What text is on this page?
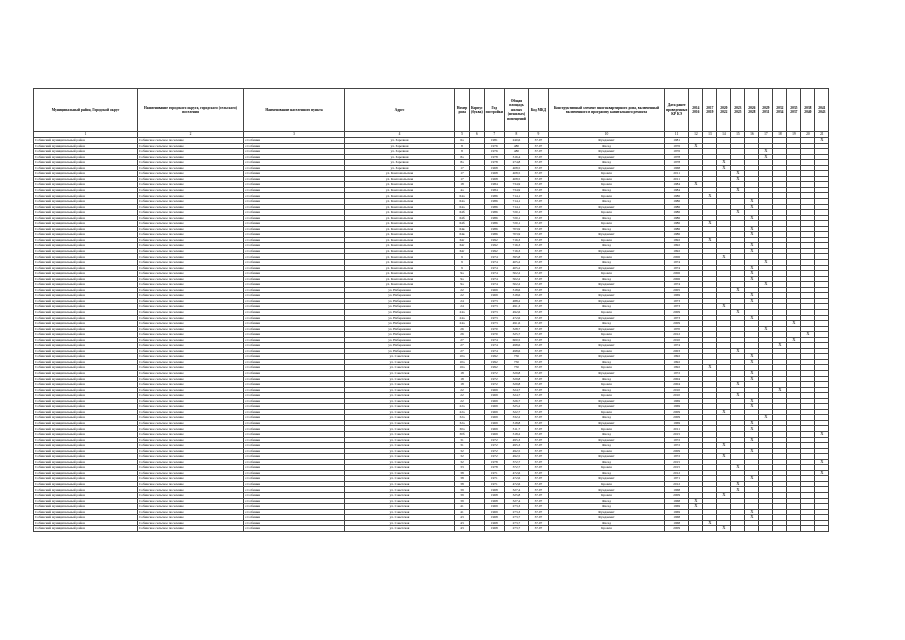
Муниципальный район, Городской округ	Наименование городского округа, городского (сельского) поселения	Наименование населенного пункта	Адрес	Номер дома	Корпус (буква)	Год постройки	Общая площадь жилых (нежилых) помещений	Код МКД	Конструктивный элемент многоквартирного дома, включенный включенного в программу капитального ремонта	Дата ранее проведенных КР КЭ	2014 2016	2017 2019	2020 2022	2023 2025	2026 2028	2029 2031	2032 2034	2035 2037	2038 2040	2041 2043
1	2	3	4	5	6	7	8	9	10	11	12	13	14	15	16	17	18	19	20	21
Собинский муниципальный район	Собинское сельское поселение	с.Собинки	ул. Заречная	6а		1981	240,6	37.07	Фундамент	1981										X
Собинский муниципальный район	Собинское сельское поселение	с.Собинки	ул. Заречная	8		1976	480	37.07	Фасад	1976	X									
Собинский муниципальный район	Собинское сельское поселение	с.Собинки	ул. Заречная	8		1976	480	37.07	Фундамент	1976						X				
Собинский муниципальный район	Собинское сельское поселение	с.Собинки	ул. Заречная	8а		1978	316,4	37.07	Фундамент	1978						X				
Собинский муниципальный район	Собинское сельское поселение	с.Собинки	ул. Заречная	8а		1978	274,8	37.07	Фасад	1978			X							
Собинский муниципальный район	Собинское сельское поселение	с.Собинки	ул. Заречная	17		1968	408,5	37.07	Фундамент	1968			X							
Собинский муниципальный район	Собинское сельское поселение	с.Собинки	ул. Комсомольская	17		1968	408,5	37.07	Кровля	2011				X						
Собинский муниципальный район	Собинское сельское поселение	с.Собинки	ул. Комсомольская	17		1968	408,5	37.07	Кровля	2011				X						
Собинский муниципальный район	Собинское сельское поселение	с.Собинки	ул. Комсомольская	18		1984	734,9	37.07	Кровля	1984	X									
Собинский муниципальный район	Собинское сельское поселение	с.Собинки	ул. Комсомольская	4а		1984	734,9	37.07	Фасад	1984				X						
Собинский муниципальный район	Собинское сельское поселение	с.Собинки	ул. Комсомольская	64а		1986	714,1	37.07	Кровля	1986		X								
Собинский муниципальный район	Собинское сельское поселение	с.Собинки	ул. Комсомольская	64а		1986	714,1	37.07	Фасад	1986					X					
Собинский муниципальный район	Собинское сельское поселение	с.Собинки	ул. Комсомольская	64а		1986	714,1	37.07	Фундамент	1986					X					
Собинский муниципальный район	Собинское сельское поселение	с.Собинки	ул. Комсомольская	64б		1986	720,1	37.07	Кровля	1986				X						
Собинский муниципальный район	Собинское сельское поселение	с.Собинки	ул. Комсомольская	64б		1986	720,1	37.07	Фасад	1986					X					
Собинский муниципальный район	Собинское сельское поселение	с.Собинки	ул. Комсомольская	64б		1986	720,1	37.07	Кровля	1986		X								
Собинский муниципальный район	Собинское сельское поселение	с.Собинки	ул. Комсомольская	64в		1986	703,9	37.07	Фасад	1986					X					
Собинский муниципальный район	Собинское сельское поселение	с.Собинки	ул. Комсомольская	64в		1986	703,9	37.07	Фундамент	1986					X					
Собинский муниципальный район	Собинское сельское поселение	с.Собинки	ул. Комсомольская	64г		1992	716,3	37.07	Кровля	1992		X								
Собинский муниципальный район	Собинское сельское поселение	с.Собинки	ул. Комсомольская	64г		1992	716,3	37.07	Фасад	1992					X					
Собинский муниципальный район	Собинское сельское поселение	с.Собинки	ул. Комсомольская	64г		1992	716,3	37.07	Фундамент	1992					X					
Собинский муниципальный район	Собинское сельское поселение	с.Собинки	ул. Комсомольская	9		1974	395,8	37.07	Кровля	2006			X							
Собинский муниципальный район	Собинское сельское поселение	с.Собинки	ул. Комсомольская	9		1974	405,2	37.07	Фасад	1974						X				
Собинский муниципальный район	Собинское сельское поселение	с.Собинки	ул. Комсомольская	9		1974	405,2	37.07	Фундамент	1974					X					
Собинский муниципальный район	Собинское сельское поселение	с.Собинки	ул. Комсомольская	9а		1974	502,2	37.07	Кровля	2006					X					
Собинский муниципальный район	Собинское сельское поселение	с.Собинки	ул. Комсомольская	9а		1974	502,2	37.07	Фасад	2006					X					
Собинский муниципальный район	Собинское сельское поселение	с.Собинки	ул. Комсомольская	9а		1974	502,2	37.07	Фундамент	1974						X				
Собинский муниципальный район	Собинское сельское поселение	с.Собинки	ул. Набережная	22		1969	318,6	37.07	Фасад	2005				X						
Собинский муниципальный район	Собинское сельское поселение	с.Собинки	ул. Набережная	22		1969	318,6	37.07	Фундамент	1969					X					
Собинский муниципальный район	Собинское сельское поселение	с.Собинки	ул. Набережная	24		1973	488,2	37.07	Фундамент	1973					X					
Собинский муниципальный район	Собинское сельское поселение	с.Собинки	ул. Набережная	24		1973	491,3	37.07	Фасад	1973			X							
Собинский муниципальный район	Собинское сельское поселение	с.Собинки	ул. Набережная	24а		1973	492,6	37.07	Кровля	2009				X						
Собинский муниципальный район	Собинское сельское поселение	с.Собинки	ул. Набережная	24а		1973	472,6	37.07	Фундамент	1973					X					
Собинский муниципальный район	Собинское сельское поселение	с.Собинки	ул. Набережная	24а		1973	491,6	37.07	Фасад	2009								X		
Собинский муниципальный район	Собинское сельское поселение	с.Собинки	ул. Набережная	26		1970	328,7	37.07	Фундамент	1970						X				
Собинский муниципальный район	Собинское сельское поселение	с.Собинки	ул. Набережная	26		1970	325,7	37.07	Кровля	2012									X	
Собинский муниципальный район	Собинское сельское поселение	с.Собинки	ул. Набережная	27		1974	600,5	37.07	Фасад	2010								X		
Собинский муниципальный район	Собинское сельское поселение	с.Собинки	ул. Набережная	27		1974	498,6	37.07	Фундамент	1974							X			
Собинский муниципальный район	Собинское сельское поселение	с.Собинки	ул. Набережная	27		1974	498,6	37.07	Кровля	2003				X						
Собинский муниципальный район	Собинское сельское поселение	с.Собинки	ул. Советская	10а		1992	750	37.07	Фундамент	1992					X					
Собинский муниципальный район	Собинское сельское поселение	с.Собинки	ул. Советская	10а		1992	750	37.07	Фасад	1992					X					
Собинский муниципальный район	Собинское сельское поселение	с.Собинки	ул. Советская	16а		1992	750	37.07	Кровля	1992		X								
Собинский муниципальный район	Собинское сельское поселение	с.Собинки	ул. Советская	18		1972	329,8	37.07	Фундамент	1972					X					
Собинский муниципальный район	Собинское сельское поселение	с.Собинки	ул. Советская	18		1972	329,8	37.07	Фасад	2004					X					
Собинский муниципальный район	Собинское сельское поселение	с.Собинки	ул. Советская	18		1972	329,8	37.07	Кровля	2004				X						
Собинский муниципальный район	Собинское сельское поселение	с.Собинки	ул. Советская	22		1969	324,7	37.07	Фасад	2010							X			
Собинский муниципальный район	Собинское сельское поселение	с.Собинки	ул. Советская	22		1969	324,7	37.07	Кровля	2010				X						
Собинский муниципальный район	Собинское сельское поселение	с.Собинки	ул. Советская	22		1969	326,7	37.07	Фундамент	1969					X					
Собинский муниципальный район	Собинское сельское поселение	с.Собинки	ул. Советская	22а		1969	325,2	37.07	Фундамент	1969					X					
Собинский муниципальный район	Собинское сельское поселение	с.Собинки	ул. Советская	22а		1969	322,7	37.07	Кровля	2009			X							
Собинский муниципальный район	Собинское сельское поселение	с.Собинки	ул. Советская	32а		1969	332,2	37.07	Фасад	2009						X				
Собинский муниципальный район	Собинское сельское поселение	с.Собинки	ул. Советская	32а		1969	318,8	37.07	Фундамент	1969					X					
Собинский муниципальный район	Собинское сельское поселение	с.Собинки	ул. Советская	30а		1969	311,7	37.07	Кровля	2011					X					
Собинский муниципальный район	Собинское сельское поселение	с.Собинки	ул. Советская	30б		1969	318,2	37.07	Фасад	2015										X
Собинский муниципальный район	Собинское сельское поселение	с.Собинки	ул. Советская	31		1972	495,3	37.07	Фундамент	1972					X					
Собинский муниципальный район	Собинское сельское поселение	с.Собинки	ул. Советская	31		1972	495,3	37.07	Фасад	1972			X							
Собинский муниципальный район	Собинское сельское поселение	с.Собинки	ул. Советская	32		1972	492,5	37.07	Кровля	2009					X					
Собинский муниципальный район	Собинское сельское поселение	с.Собинки	ул. Советская	32		1972	492,5	37.07	Фундамент	1972			X							
Собинский муниципальный район	Собинское сельское поселение	с.Собинки	ул. Советская	32		1978	372,7	37.07	Фасад	2015										X
Собинский муниципальный район	Собинское сельское поселение	с.Собинки	ул. Советская	33		1978	372,7	37.07	Кровля	2015				X						
Собинский муниципальный район	Собинское сельское поселение	с.Собинки	ул. Советская	38		1971	472,6	37.07	Фасад	2012										X
Собинский муниципальный район	Собинское сельское поселение	с.Собинки	ул. Советская	38		1971	472,6	37.07	Фундамент	1971					X					
Собинский муниципальный район	Собинское сельское поселение	с.Собинки	ул. Советская	38		1971	472,6	37.07	Кровля	2012				X						
Собинский муниципальный район	Собинское сельское поселение	с.Собинки	ул. Советская	39		1968	327,4	37.07	Фундамент	1968				X						
Собинский муниципальный район	Собинское сельское поселение	с.Собинки	ул. Советская	39		1968	325,8	37.07	Кровля	2009			X							
Собинский муниципальный район	Собинское сельское поселение	с.Собинки	ул. Советская	39		1968	327,4	37.07	Фасад	1968	X									
Собинский муниципальный район	Собинское сельское поселение	с.Собинки	ул. Советская	41		1969	273,3	37.07	Фасад	1969	X									
Собинский муниципальный район	Собинское сельское поселение	с.Собинки	ул. Советская	41		1969	273,3	37.07	Фундамент	1969					X					
Собинский муниципальный район	Собинское сельское поселение	с.Собинки	ул. Советская	43		1968	273,7	37.07	Фундамент	1968					X					
Собинский муниципальный район	Собинское сельское поселение	с.Собинки	ул. Советская	43		1968	273,7	37.07	Фасад	1968		X								
Собинский муниципальный район	Собинское сельское поселение	с.Собинки	ул. Советская	43		1968	273,7	37.07	Кровля	2009			X							
